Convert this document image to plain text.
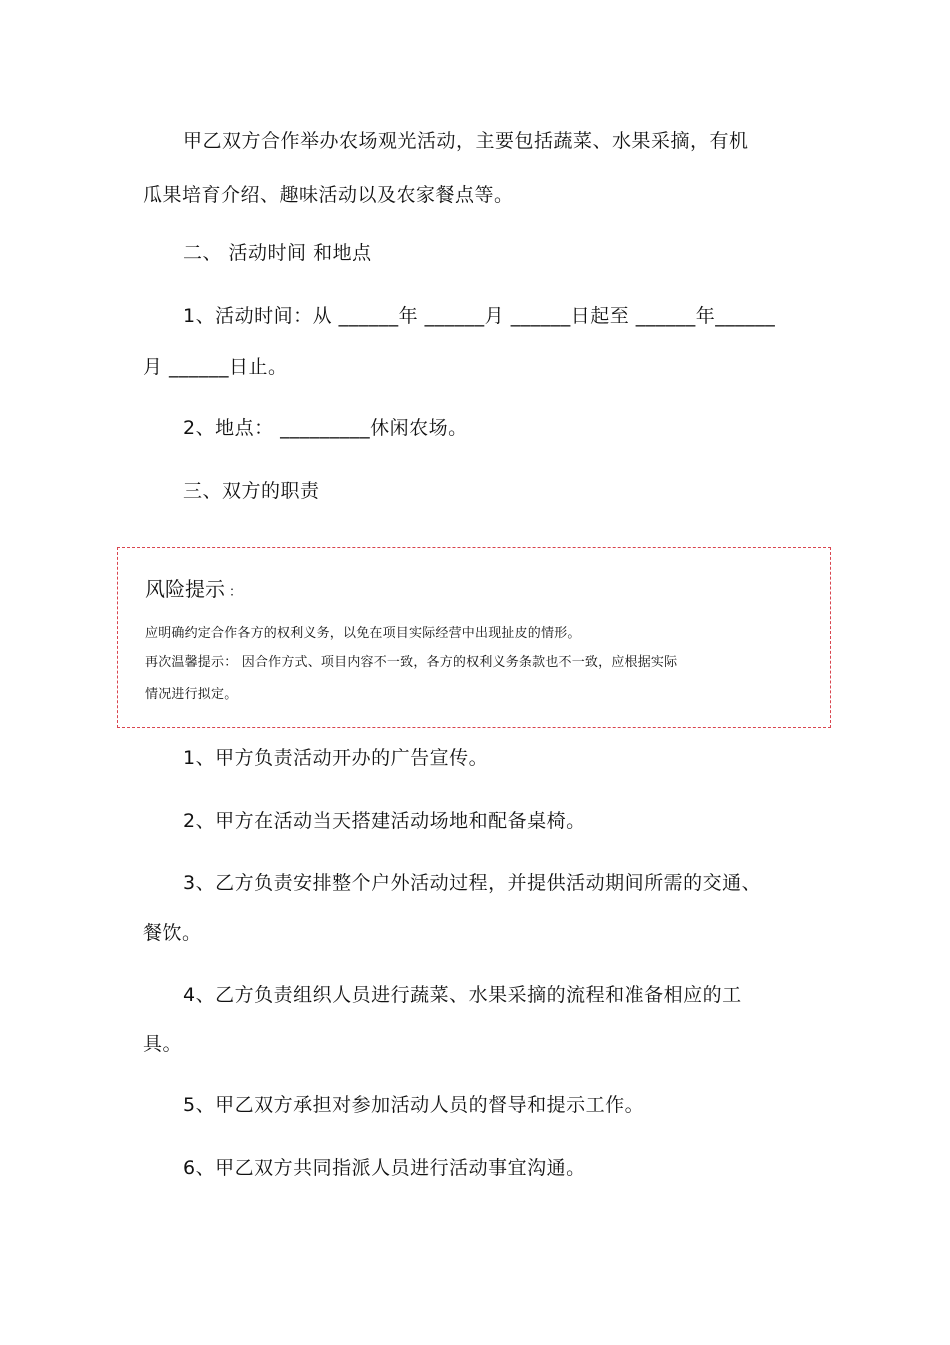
甲乙双方合作举办农场观光活动，主要包括蔬菜、水果采摘，有机
瓜果培育介绍、趣味活动以及农家餐点等。
二、 活动时间 和地点
1、活动时间：从 ______年 ______月 ______日起至 ______年______
月 ______日止。
2、地点： _________休闲农场。
三、双方的职责
风险提示 ：
应明确约定合作各方的权利义务，以免在项目实际经营中出现扯皮的情形。
再次温馨提示： 因合作方式、项目内容不一致，各方的权利义务条款也不一致，应根据实际
情况进行拟定。
1、甲方负责活动开办的广告宣传。
2、甲方在活动当天搭建活动场地和配备桌椅。
3、乙方负责安排整个户外活动过程，并提供活动期间所需的交通、
餐饮。
4、乙方负责组织人员进行蔬菜、水果采摘的流程和准备相应的工
具。
5、甲乙双方承担对参加活动人员的督导和提示工作。
6、甲乙双方共同指派人员进行活动事宜沟通。
